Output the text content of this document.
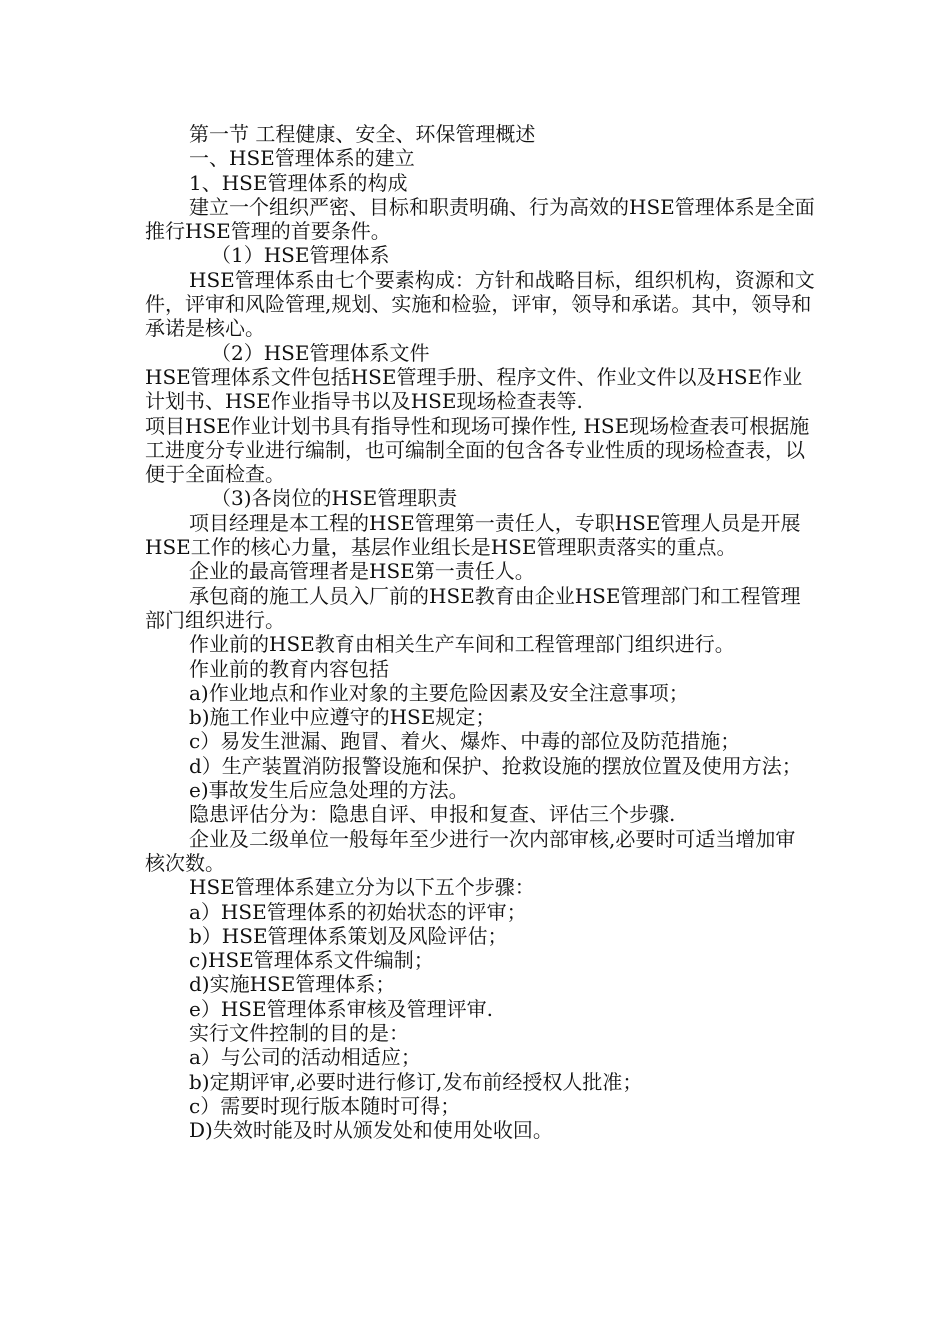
第一节 工程健康、安全、环保管理概述

一、HSE管理体系的建立

1、HSE管理体系的构成

建立一个组织严密、目标和职责明确、行为高效的HSE管理体系是全面推行HSE管理的首要条件。

（1）HSE管理体系

HSE管理体系由七个要素构成：方针和战略目标，组织机构，资源和文件，评审和风险管理,规划、实施和检验，评审，领导和承诺。其中，领导和承诺是核心。

（2）HSE管理体系文件

HSE管理体系文件包括HSE管理手册、程序文件、作业文件以及HSE作业计划书、HSE作业指导书以及HSE现场检查表等.

项目HSE作业计划书具有指导性和现场可操作性, HSE现场检查表可根据施工进度分专业进行编制，也可编制全面的包含各专业性质的现场检查表，以便于全面检查。

（3)各岗位的HSE管理职责

项目经理是本工程的HSE管理第一责任人，专职HSE管理人员是开展HSE工作的核心力量，基层作业组长是HSE管理职责落实的重点。

企业的最高管理者是HSE第一责任人。

承包商的施工人员入厂前的HSE教育由企业HSE管理部门和工程管理部门组织进行。

作业前的HSE教育由相关生产车间和工程管理部门组织进行。

作业前的教育内容包括

a)作业地点和作业对象的主要危险因素及安全注意事项；

b)施工作业中应遵守的HSE规定；

c）易发生泄漏、跑冒、着火、爆炸、中毒的部位及防范措施；

d）生产装置消防报警设施和保护、抢救设施的摆放位置及使用方法；

e)事故发生后应急处理的方法。

隐患评估分为：隐患自评、申报和复查、评估三个步骤.

企业及二级单位一般每年至少进行一次内部审核,必要时可适当增加审核次数。

HSE管理体系建立分为以下五个步骤：

a）HSE管理体系的初始状态的评审；

b）HSE管理体系策划及风险评估；

c)HSE管理体系文件编制；

d)实施HSE管理体系；

e）HSE管理体系审核及管理评审.

实行文件控制的目的是：

a）与公司的活动相适应；

b)定期评审,必要时进行修订,发布前经授权人批准；

c）需要时现行版本随时可得；

D)失效时能及时从颁发处和使用处收回。
